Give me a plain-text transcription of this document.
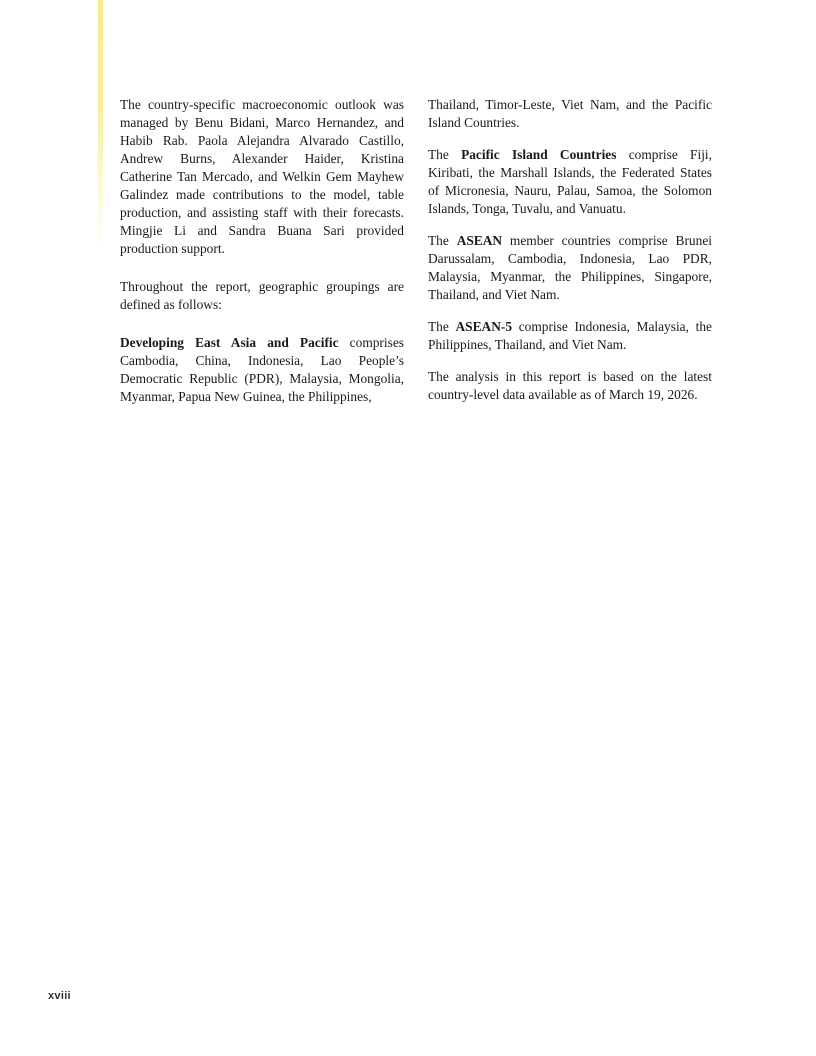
The country-specific macroeconomic outlook was managed by Benu Bidani, Marco Hernandez, and Habib Rab. Paola Alejandra Alvarado Castillo, Andrew Burns, Alexander Haider, Kristina Catherine Tan Mercado, and Welkin Gem Mayhew Galindez made contributions to the model, table production, and assisting staff with their forecasts. Mingjie Li and Sandra Buana Sari provided production support.

Throughout the report, geographic groupings are defined as follows:

Developing East Asia and Pacific comprises Cambodia, China, Indonesia, Lao People’s Democratic Republic (PDR), Malaysia, Mongolia, Myanmar, Papua New Guinea, the Philippines,

Thailand, Timor-Leste, Viet Nam, and the Pacific Island Countries.

The Pacific Island Countries comprise Fiji, Kiribati, the Marshall Islands, the Federated States of Micronesia, Nauru, Palau, Samoa, the Solomon Islands, Tonga, Tuvalu, and Vanuatu.

The ASEAN member countries comprise Brunei Darussalam, Cambodia, Indonesia, Lao PDR, Malaysia, Myanmar, the Philippines, Singapore, Thailand, and Viet Nam.

The ASEAN-5 comprise Indonesia, Malaysia, the Philippines, Thailand, and Viet Nam.

The analysis in this report is based on the latest country-level data available as of March 19, 2026.

xviii
